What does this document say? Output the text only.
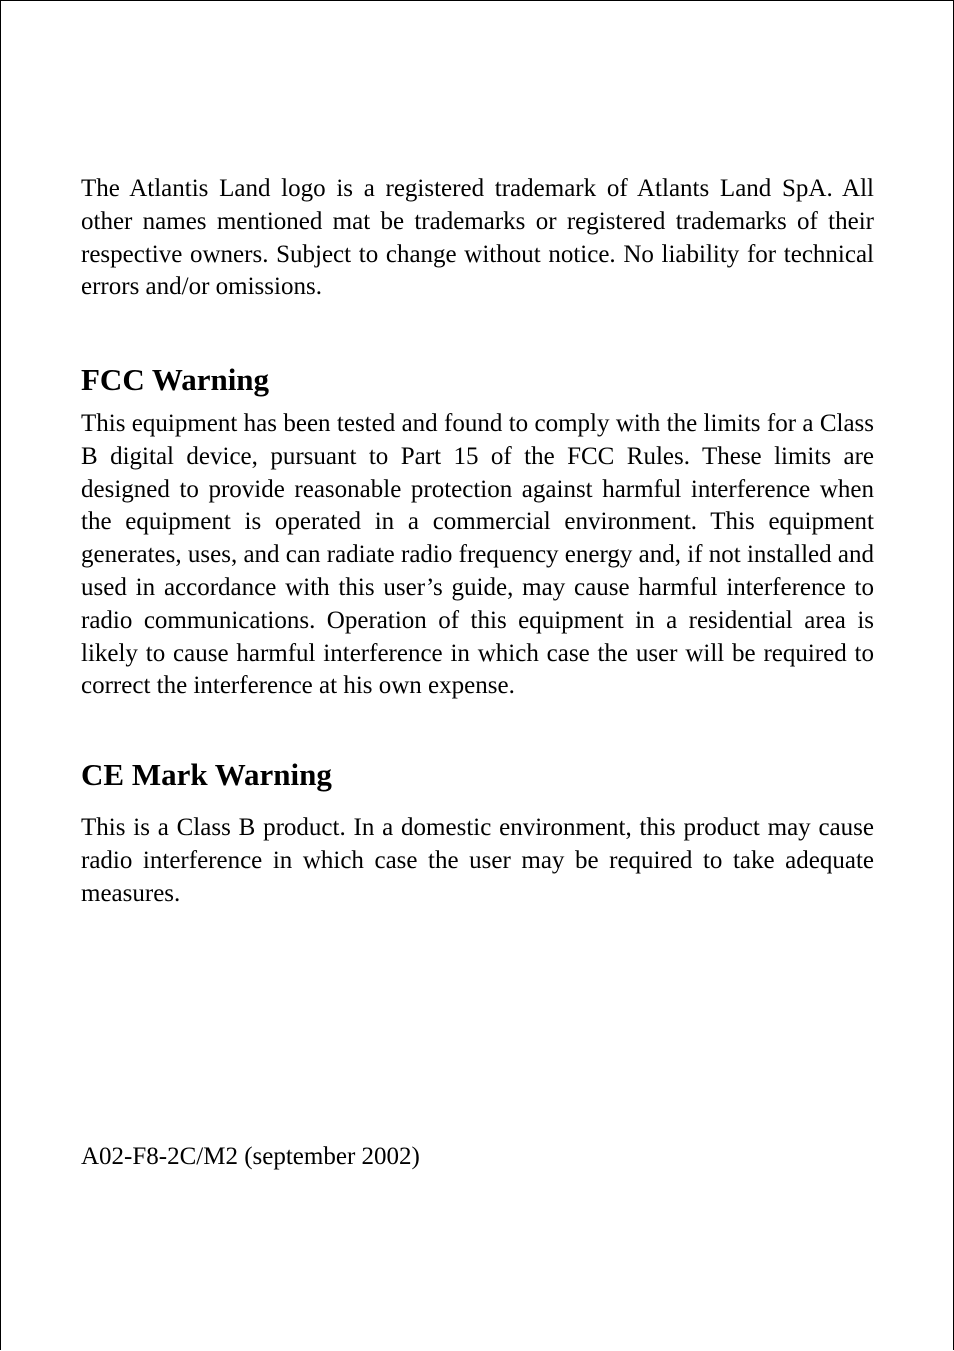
The Atlantis Land logo is a registered trademark of Atlants Land SpA. All other names mentioned mat be trademarks or registered trademarks of their respective owners. Subject to change without notice. No liability for technical errors and/or omissions.

FCC Warning

This equipment has been tested and found to comply with the limits for a Class B digital device, pursuant to Part 15 of the FCC Rules. These limits are designed to provide reasonable protection against harmful interference when the equipment is operated in a commercial environment. This equipment generates, uses, and can radiate radio frequency energy and, if not installed and used in accordance with this user’s guide, may cause harmful interference to radio communications. Operation of this equipment in a residential area is likely to cause harmful interference in which case the user will be required to correct the interference at his own expense.

CE Mark Warning

This is a Class B product. In a domestic environment, this product may cause radio interference in which case the user may be required to take adequate measures.

A02-F8-2C/M2 (september 2002)
